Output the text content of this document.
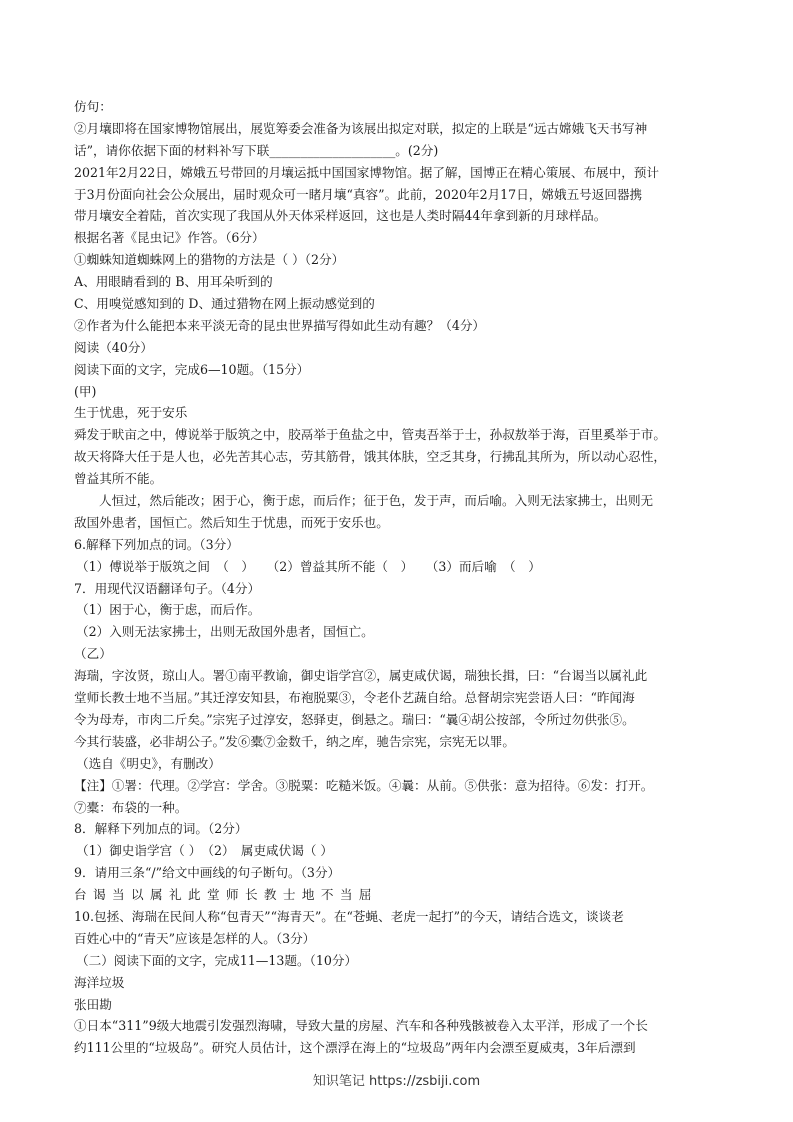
仿句：
②月壤即将在国家博物馆展出，展览筹委会准备为该展出拟定对联，拟定的上联是“远古嫦娥飞天书写神
话”，请你依据下面的材料补写下联____________________。(2分)
2021年2月22日，嫦娥五号带回的月壤运抵中国国家博物馆。据了解，国博正在精心策展、布展中，预计
于3月份面向社会公众展出，届时观众可一睹月壤“真容”。此前，2020年2月17日，嫦娥五号返回器携
带月壤安全着陆，首次实现了我国从外天体采样返回，这也是人类时隔44年拿到新的月球样品。
根据名著《昆虫记》作答。（6分）
①蜘蛛知道蜘蛛网上的猎物的方法是（ ）（2分）
A、用眼睛看到的 B、用耳朵听到的
C、用嗅觉感知到的 D、通过猎物在网上振动感觉到的
②作者为什么能把本来平淡无奇的昆虫世界描写得如此生动有趣？（4分）
阅读（40分）
阅读下面的文字，完成6—10题。（15分）
(甲)
生于忧患，死于安乐
舜发于畎亩之中，傅说举于版筑之中，胶鬲举于鱼盐之中，管夷吾举于士，孙叔敖举于海，百里奚举于市。
故天将降大任于是人也，必先苦其心志，劳其筋骨，饿其体肤，空乏其身，行拂乱其所为，所以动心忍性，
曾益其所不能。
人恒过，然后能改；困于心，衡于虑，而后作；征于色，发于声，而后喻。入则无法家拂士，出则无
敌国外患者，国恒亡。然后知生于忧患，而死于安乐也。
6.解释下列加点的词。（3分）
（1）傅说举于版筑之间　（　）　　（2）曾益其所不能（　）　　（3）而后喻　（　）
7．用现代汉语翻译句子。（4分）
（1）困于心，衡于虑，而后作。
（2）入则无法家拂士，出则无敌国外患者，国恒亡。
（乙）
海瑞，字汝贤，琼山人。署①南平教谕，御史诣学宫②，属吏咸伏谒，瑞独长揖，曰：“台谒当以属礼此
堂师长教士地不当屈。”其迁淳安知县，布袍脱粟③，令老仆艺蔬自给。总督胡宗宪尝语人曰：“昨闻海
令为母寿，市肉二斤矣。”宗宪子过淳安，怒驿吏，倒悬之。瑞曰：“曩④胡公按部，令所过勿供张⑤。
今其行装盛，必非胡公子。”发⑥橐⑦金数千，纳之库，驰告宗宪，宗宪无以罪。
（选自《明史》，有删改）
【注】①署：代理。②学宫：学舍。③脱粟：吃糙米饭。④曩：从前。⑤供张：意为招待。⑥发：打开。
⑦橐：布袋的一种。
8．解释下列加点的词。（2分）
（1）御史诣学宫（ ）　（2）　属吏咸伏谒（ ）
9．请用三条“/”给文中画线的句子断句。（3分）
台谒当以属礼此堂师长教士地不当屈
10.包拯、海瑞在民间人称“包青天”“海青天”。在“苍蝇、老虎一起打”的今天，请结合选文，谈谈老
百姓心中的“青天”应该是怎样的人。（3分）
（二）阅读下面的文字，完成11—13题。（10分）
海洋垃圾
张田勘
①日本“311”9级大地震引发强烈海啸，导致大量的房屋、汽车和各种残骸被卷入太平洋，形成了一个长
约111公里的“垃圾岛”。研究人员估计，这个漂浮在海上的“垃圾岛”两年内会漂至夏威夷，3年后漂到
知识笔记 https://zsbiji.com
